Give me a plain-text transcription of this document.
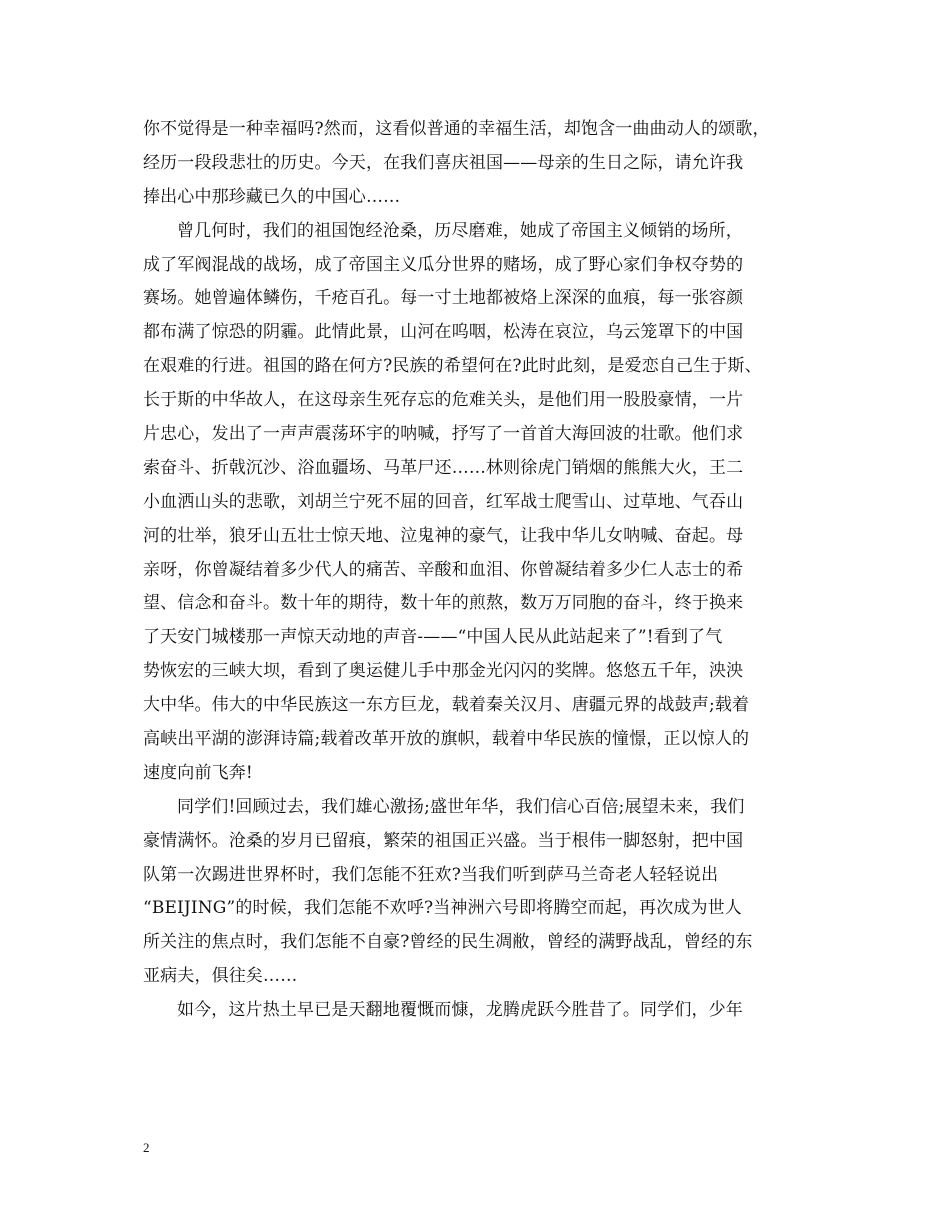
你不觉得是一种幸福吗?然而，这看似普通的幸福生活，却饱含一曲曲动人的颂歌，
经历一段段悲壮的历史。今天，在我们喜庆祖国——母亲的生日之际，请允许我
捧出心中那珍藏已久的中国心……
曾几何时，我们的祖国饱经沧桑，历尽磨难，她成了帝国主义倾销的场所，
成了军阀混战的战场，成了帝国主义瓜分世界的赌场，成了野心家们争权夺势的
赛场。她曾遍体鳞伤，千疮百孔。每一寸土地都被烙上深深的血痕，每一张容颜
都布满了惊恐的阴霾。此情此景，山河在呜咽，松涛在哀泣，乌云笼罩下的中国
在艰难的行进。祖国的路在何方?民族的希望何在?此时此刻，是爱恋自己生于斯、
长于斯的中华故人，在这母亲生死存忘的危难关头，是他们用一股股豪情，一片
片忠心，发出了一声声震荡环宇的呐喊，抒写了一首首大海回波的壮歌。他们求
索奋斗、折戟沉沙、浴血疆场、马革尸还……林则徐虎门销烟的熊熊大火，王二
小血洒山头的悲歌，刘胡兰宁死不屈的回音，红军战士爬雪山、过草地、气吞山
河的壮举，狼牙山五壮士惊天地、泣鬼神的豪气，让我中华儿女呐喊、奋起。母
亲呀，你曾凝结着多少代人的痛苦、辛酸和血泪、你曾凝结着多少仁人志士的希
望、信念和奋斗。数十年的期待，数十年的煎熬，数万万同胞的奋斗，终于换来
了天安门城楼那一声惊天动地的声音-——“中国人民从此站起来了”!看到了气
势恢宏的三峡大坝，看到了奥运健儿手中那金光闪闪的奖牌。悠悠五千年，泱泱
大中华。伟大的中华民族这一东方巨龙，载着秦关汉月、唐疆元界的战鼓声;载着
高峡出平湖的澎湃诗篇;载着改革开放的旗帜，载着中华民族的憧憬，正以惊人的
速度向前飞奔!
同学们!回顾过去，我们雄心激扬;盛世年华，我们信心百倍;展望未来，我们
豪情满怀。沧桑的岁月已留痕，繁荣的祖国正兴盛。当于根伟一脚怒射，把中国
队第一次踢进世界杯时，我们怎能不狂欢?当我们听到萨马兰奇老人轻轻说出
“BEIJING”的时候，我们怎能不欢呼?当神洲六号即将腾空而起，再次成为世人
所关注的焦点时，我们怎能不自豪?曾经的民生凋敝，曾经的满野战乱，曾经的东
亚病夫，俱往矣……
如今，这片热土早已是天翻地覆慨而慷，龙腾虎跃今胜昔了。同学们，少年
2
